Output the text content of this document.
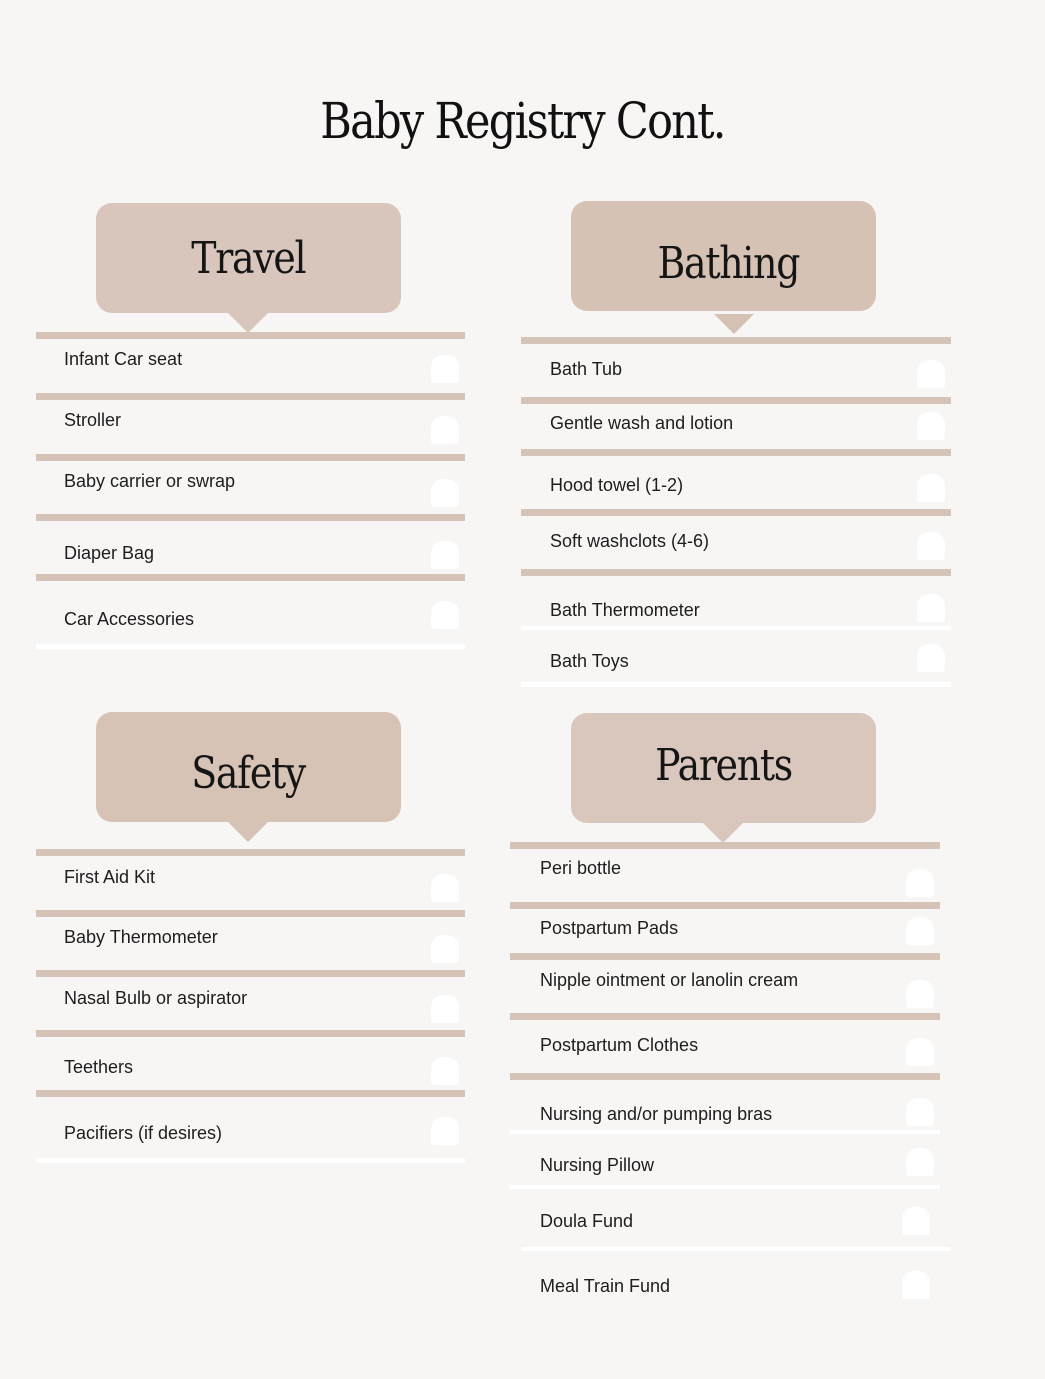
Baby Registry Cont.
Travel
Infant Car seat
Stroller
Baby carrier or swrap
Diaper Bag
Car Accessories
Bathing
Bath Tub
Gentle wash and lotion
Hood towel (1-2)
Soft washclots (4-6)
Bath Thermometer
Bath Toys
Safety
First Aid Kit
Baby Thermometer
Nasal Bulb or aspirator
Teethers
Pacifiers (if desires)
Parents
Peri bottle
Postpartum Pads
Nipple ointment or lanolin cream
Postpartum Clothes
Nursing and/or pumping bras
Nursing Pillow
Doula Fund
Meal Train Fund
